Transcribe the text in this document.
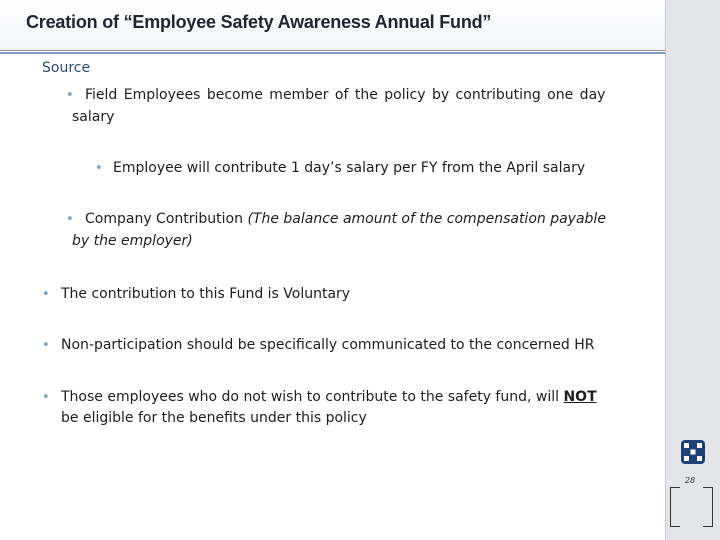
Creation of “Employee Safety Awareness Annual Fund”
Source
• Field Employees become member of the policy by contributing one day
salary
• Employee will contribute 1 day’s salary per FY from the April salary
• Company Contribution (The balance amount of the compensation payable
by the employer)
• The contribution to this Fund is Voluntary
• Non-participation should be specifically communicated to the concerned HR
• Those employees who do not wish to contribute to the safety fund, will NOT
be eligible for the benefits under this policy
28
